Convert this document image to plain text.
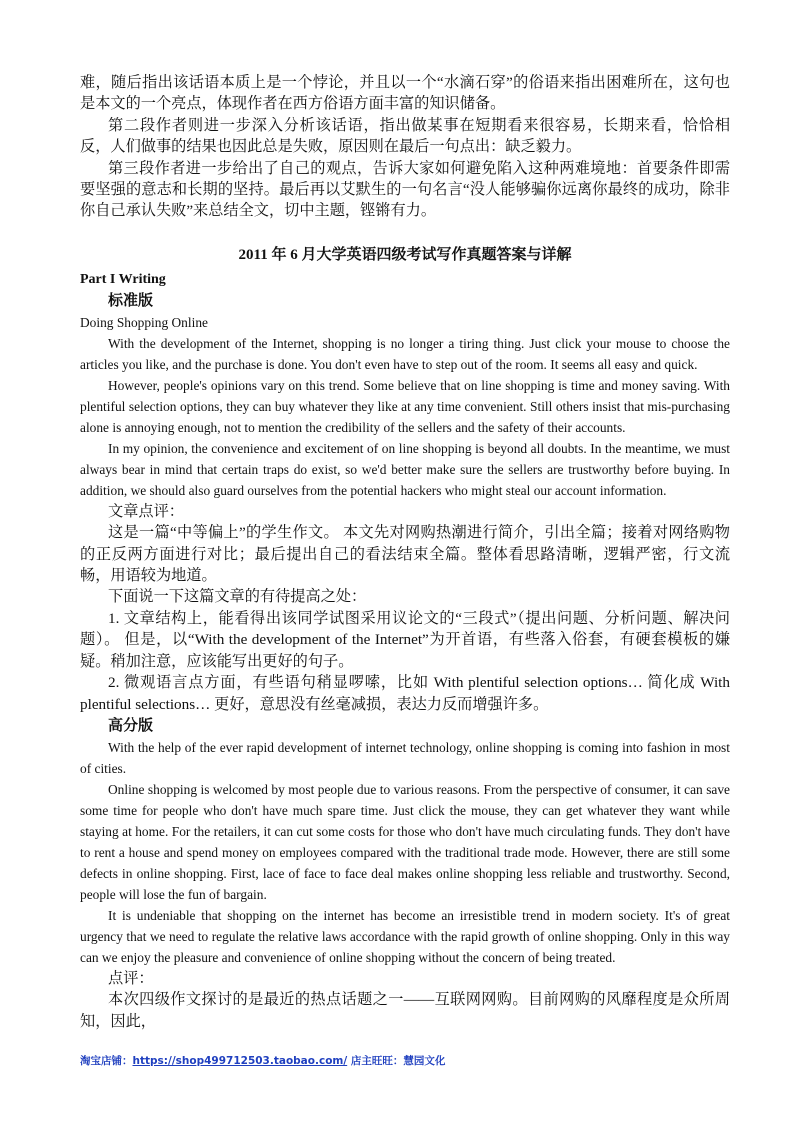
难，随后指出该话语本质上是一个悖论，并且以一个“水滴石穿”的俗语来指出困难所在，这句也是本文的一个亮点，体现作者在西方俗语方面丰富的知识储备。

第二段作者则进一步深入分析该话语，指出做某事在短期看来很容易，长期来看，恰恰相反，人们做事的结果也因此总是失败，原因则在最后一句点出：缺乏毅力。

第三段作者进一步给出了自己的观点，告诉大家如何避免陷入这种两难境地：首要条件即需要坚强的意志和长期的坚持。最后再以艾默生的一句名言“没人能够骗你远离你最终的成功，除非你自己承认失败”来总结全文，切中主题，铿锵有力。

2011 年 6 月大学英语四级考试写作真题答案与详解

Part I Writing

标准版

Doing Shopping Online

With the development of the Internet, shopping is no longer a tiring thing. Just click your mouse to choose the articles you like, and the purchase is done. You don't even have to step out of the room. It seems all easy and quick.

However, people's opinions vary on this trend. Some believe that on line shopping is time and money saving. With plentiful selection options, they can buy whatever they like at any time convenient. Still others insist that mis-purchasing alone is annoying enough, not to mention the credibility of the sellers and the safety of their accounts.

In my opinion, the convenience and excitement of on line shopping is beyond all doubts. In the meantime, we must always bear in mind that certain traps do exist, so we'd better make sure the sellers are trustworthy before buying. In addition, we should also guard ourselves from the potential hackers who might steal our account information.

文章点评：

这是一篇“中等偏上”的学生作文。 本文先对网购热潮进行简介，引出全篇；接着对网络购物的正反两方面进行对比；最后提出自己的看法结束全篇。整体看思路清晰，逻辑严密，行文流畅，用语较为地道。

下面说一下这篇文章的有待提高之处：

1. 文章结构上，能看得出该同学试图采用议论文的“三段式”（提出问题、分析问题、解决问题）。 但是，以“With the development of the Internet”为开首语，有些落入俗套，有硬套模板的嫌疑。稍加注意，应该能写出更好的句子。

2. 微观语言点方面，有些语句稍显啰嗦，比如 With plentiful selection options… 简化成 With plentiful selections… 更好，意思没有丝毫减损，表达力反而增强许多。

高分版

With the help of the ever rapid development of internet technology, online shopping is coming into fashion in most of cities.

Online shopping is welcomed by most people due to various reasons. From the perspective of consumer, it can save some time for people who don't have much spare time. Just click the mouse, they can get whatever they want while staying at home. For the retailers, it can cut some costs for those who don't have much circulating funds. They don't have to rent a house and spend money on employees compared with the traditional trade mode. However, there are still some defects in online shopping. First, lace of face to face deal makes online shopping less reliable and trustworthy. Second, people will lose the fun of bargain.

It is undeniable that shopping on the internet has become an irresistible trend in modern society. It's of great urgency that we need to regulate the relative laws accordance with the rapid growth of online shopping. Only in this way can we enjoy the pleasure and convenience of online shopping without the concern of being treated.

点评：

本次四级作文探讨的是最近的热点话题之一——互联网网购。目前网购的风靡程度是众所周知，因此，

淘宝店铺：https://shop499712503.taobao.com/ 店主旺旺：慧园文化
